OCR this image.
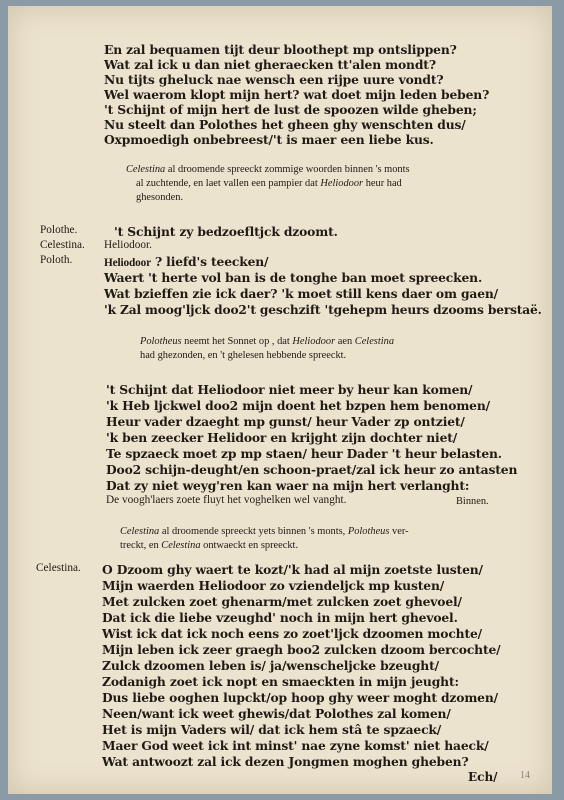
En zal bequamen tijt deur bloothept mp ontslippen?
Wat zal ick u dan niet gheraecken tt'alen mondt?
Nu tijts gheluck nae wensch een rijpe uure vondt?
Wel waerom klopt mijn hert? wat doet mijn leden beben?
't Schijnt of mijn hert de lust de spoozen wilde gheben;
Nu steelt dan Polothes het gheen ghy wenschten dus/
Oxpmoedigh onbebreest/'t is maer een liebe kus.
Celestina al droomende spreeckt zommige woorden binnen 's monts
al zuchtende, en laet vallen een pampier dat Heliodoor heur had
ghesonden.
Polothe.	't Schijnt zy bedzoefltjck dzoomt.
Celestina. Heliodoor.
Poloth.	Heliodoor ? liefd's teecken/
Waert 't herte vol ban is de tonghe ban moet spreecken.
Wat bzieffen zie ick daer? 'k moet still kens daer om gaen/
'k Zal moog'ljck doo2't geschzift 'tgehepm heurs dzooms berstaë.
Polotheus neemt het Sonnet op , dat Heliodoor aen Celestina
had ghezonden, en 't ghelesen hebbende spreeckt.
't Schijnt dat Heliodoor niet meer by heur kan komen/
'k Heb ljckwel doo2 mijn doent het bzpen hem benomen/
Heur vader dzaeght mp gunst/ heur Vader zp ontziet/
'k ben zeecker Helidoor en krijght zijn dochter niet/
Te spzaeck moet zp mp staen/ heur Dader 't heur belasten.
Doo2 schijn-deught/en schoon-praet/zal ick heur zo antasten
Dat zy niet weyg'ren kan waer na mijn hert verlanght:
De voogh'laers zoete fluyt het voghelken wel vanght.	Binnen.
Celestina al droomende spreeckt yets binnen 's monts, Polotheus ver-
treckt, en Celestina ontwaeckt en spreeckt.
Celestina. O Dzoom ghy waert te kozt/'k had al mijn zoetste lusten/
Mijn waerden Heliodoor zo vziendeljck mp kusten/
Met zulcken zoet ghenarm/met zulcken zoet ghevoel/
Dat ick die liebe vzeughd' noch in mijn hert ghevoel.
Wist ick dat ick noch eens zo zoet'ljck dzoomen mochte/
Mijn leben ick zeer graegh boo2 zulcken dzoom bercochte/
Zulck dzoomen leben is/ ja/wenscheljcke bzeught/
Zodanigh zoet ick nopt en smaeckten in mijn jeught:
Dus liebe ooghen lupckt/op hoop ghy weer moght dzomen/
Neen/want ick weet ghewis/dat Polothes zal komen/
Het is mijn Vaders wil/ dat ick hem stâ te spzaeck/
Maer God weet ick int minst' nae zyne komst' niet haeck/
Wat antwoozt zal ick dezen Jongmen moghen gheben?
Ech/ 14
